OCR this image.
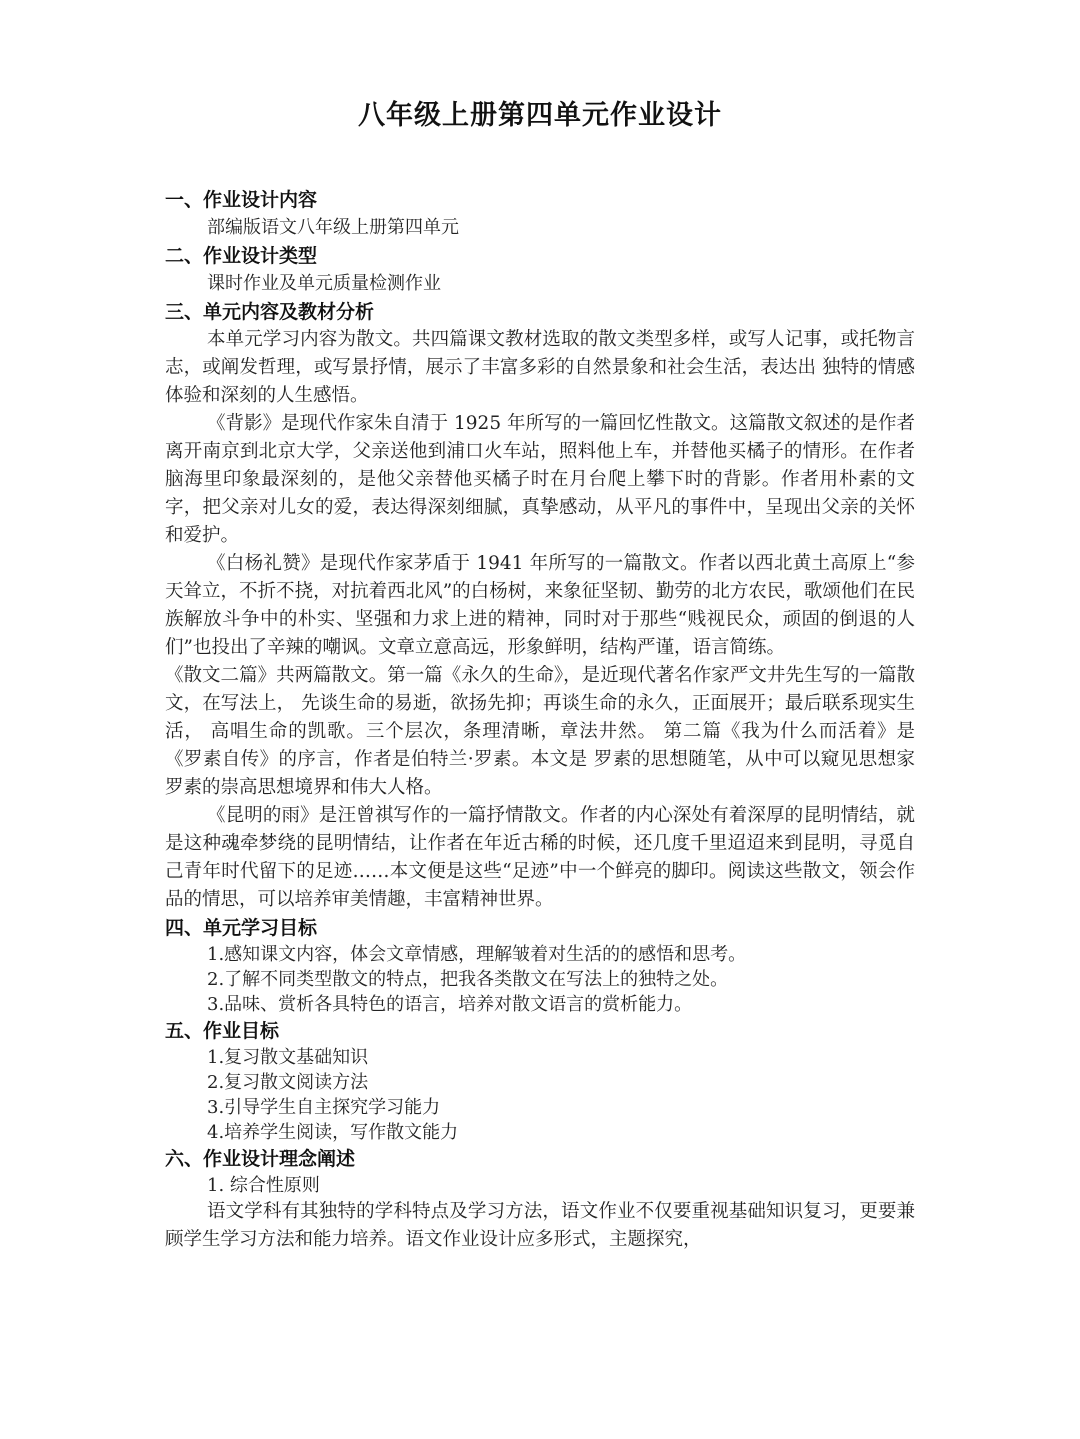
八年级上册第四单元作业设计

一、作业设计内容

部编版语文八年级上册第四单元

二、作业设计类型

课时作业及单元质量检测作业

三、单元内容及教材分析

本单元学习内容为散文。共四篇课文教材选取的散文类型多样，或写人记事，或托物言 志，或阐发哲理，或写景抒情，展示了丰富多彩的自然景象和社会生活，表达出 独特的情感体验和深刻的人生感悟。

《背影》是现代作家朱自清于 1925 年所写的一篇回忆性散文。这篇散文叙述的是作者离开南京到北京大学，父亲送他到浦口火车站，照料他上车，并替他买橘子的情形。在作者脑海里印象最深刻的，是他父亲替他买橘子时在月台爬上攀下时的背影。作者用朴素的文字，把父亲对儿女的爱，表达得深刻细腻，真挚感动，从平凡的事件中，呈现出父亲的关怀和爱护。

《白杨礼赞》是现代作家茅盾于 1941 年所写的一篇散文。作者以西北黄土高原上“参天耸立，不折不挠，对抗着西北风”的白杨树，来象征坚韧、勤劳的北方农民，歌颂他们在民族解放斗争中的朴实、坚强和力求上进的精神，同时对于那些“贱视民众，顽固的倒退的人们”也投出了辛辣的嘲讽。文章立意高远，形象鲜明，结构严谨，语言简练。

《散文二篇》共两篇散文。第一篇《永久的生命》，是近现代著名作家严文井先生写的一篇散文，在写法上， 先谈生命的易逝，欲扬先抑；再谈生命的永久，正面展开；最后联系现实生活， 高唱生命的凯歌。三个层次，条理清晰，章法井然。 第二篇《我为什么而活着》是《罗素自传》的序言，作者是伯特兰·罗素。本文是 罗素的思想随笔，从中可以窥见思想家罗素的崇高思想境界和伟大人格。

《昆明的雨》是汪曾祺写作的一篇抒情散文。作者的内心深处有着深厚的昆明情结，就是这种魂牵梦绕的昆明情结，让作者在年近古稀的时候，还几度千里迢迢来到昆明，寻觅自己青年时代留下的足迹……本文便是这些“足迹”中一个鲜亮的脚印。阅读这些散文，领会作品的情思，可以培养审美情趣，丰富精神世界。

四、单元学习目标

1.感知课文内容，体会文章情感，理解皱着对生活的的感悟和思考。

2.了解不同类型散文的特点，把我各类散文在写法上的独特之处。

3.品味、赏析各具特色的语言，培养对散文语言的赏析能力。

五、作业目标

1.复习散文基础知识

2.复习散文阅读方法

3.引导学生自主探究学习能力

4.培养学生阅读，写作散文能力

六、作业设计理念阐述

1. 综合性原则

语文学科有其独特的学科特点及学习方法，语文作业不仅要重视基础知识复习，更要兼顾学生学习方法和能力培养。语文作业设计应多形式，主题探究，
